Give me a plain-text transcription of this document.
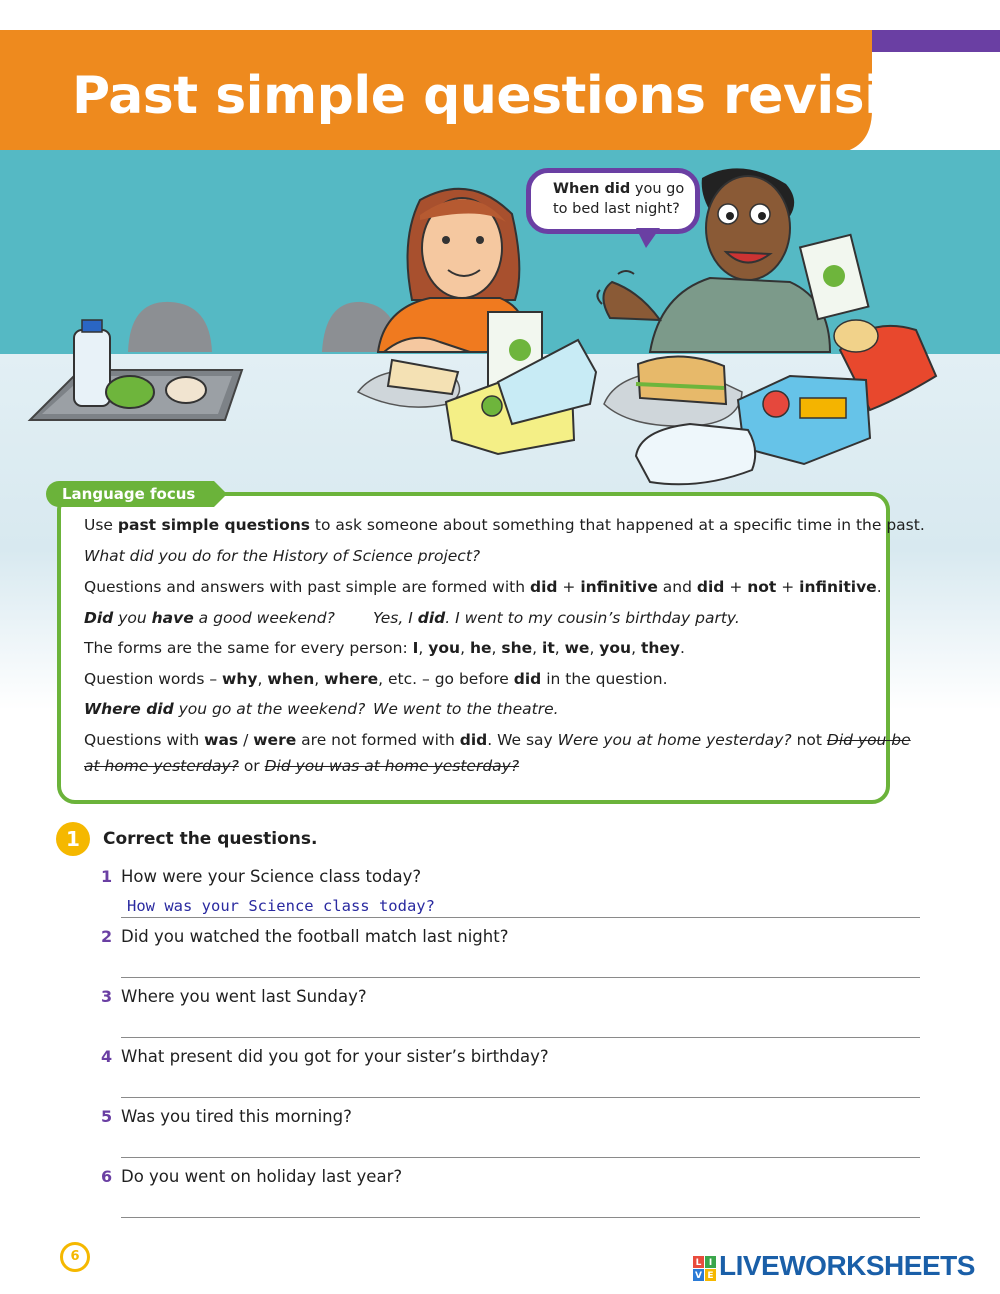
Past simple questions revision
When did you go
to bed last night?
Language focus
Use past simple questions to ask someone about something that happened at a specific time in the past.
What did you do for the History of Science project?
Questions and answers with past simple are formed with did + infinitive and did + not + infinitive.
Did you have a good weekend? Yes, I did. I went to my cousin’s birthday party.
The forms are the same for every person: I, you, he, she, it, we, you, they.
Question words – why, when, where, etc. – go before did in the question.
Where did you go at the weekend? We went to the theatre.
Questions with was / were are not formed with did. We say Were you at home yesterday? not Did you be
at home yesterday? or Did you was at home yesterday?
1	Correct the questions.
1 How were your Science class today?
How was your Science class today?
2 Did you watched the football match last night?
3 Where you went last Sunday?
4 What present did you got for your sister’s birthday?
5 Was you tired this morning?
6 Do you went on holiday last year?
6	L I
V E LIVEWORKSHEETS
